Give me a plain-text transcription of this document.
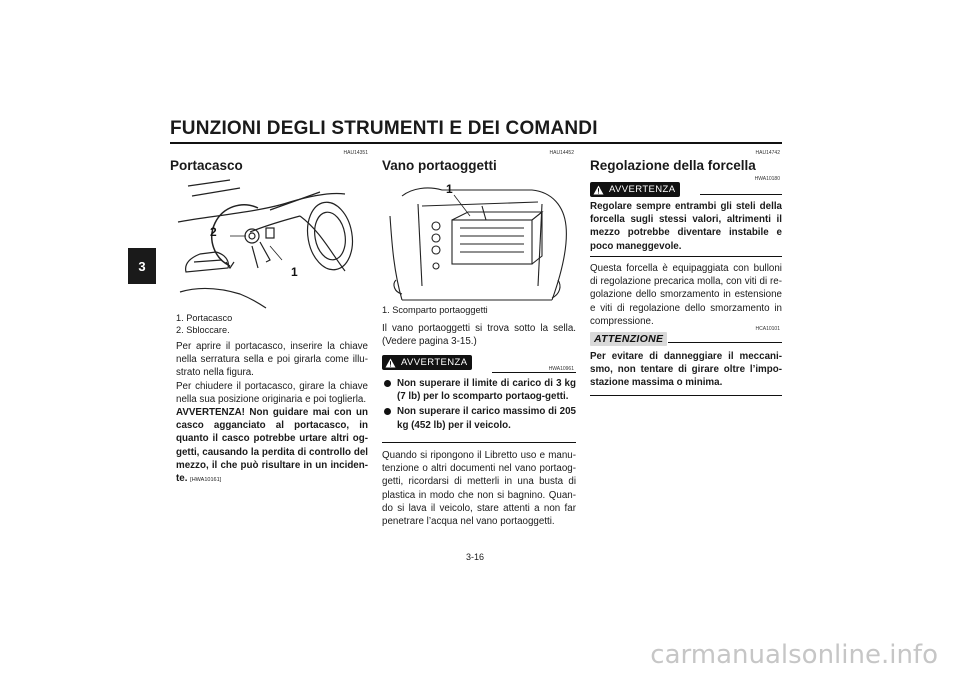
FUNZIONI DEGLI STRUMENTI E DEI COMANDI
3
HAU14351
Portacasco
2
1
1. Portacasco
2. Sbloccare.

Per aprire il portacasco, inserire la chiave nella serratura sella e poi girarla come illu-strato nella figura.

Per chiudere il portacasco, girare la chiave nella sua posizione originaria e poi toglierla.

AVVERTENZA! Non guidare mai con un casco agganciato al portacasco, in quanto il casco potrebbe urtare altri og-getti, causando la perdita di controllo del mezzo, il che può risultare in un inciden-te. [HWA10161]

HAU14452
Vano portaoggetti
1
1. Scomparto portaoggetti

Il vano portaoggetti si trova sotto la sella. (Vedere pagina 3-15.)

AVVERTENZA
HWA10961
Non superare il limite di carico di 3 kg (7 lb) per lo scomparto portaog-getti.
Non superare il carico massimo di 205 kg (452 lb) per il veicolo.

Quando si ripongono il Libretto uso e manu-tenzione o altri documenti nel vano portaog-getti, ricordarsi di metterli in una busta di plastica in modo che non si bagnino. Quan-do si lava il veicolo, stare attenti a non far penetrare l’acqua nel vano portaoggetti.

HAU14742
Regolazione della forcella
AVVERTENZA
HWA10180

Regolare sempre entrambi gli steli della forcella sugli stessi valori, altrimenti il mezzo potrebbe diventare instabile e poco maneggevole.

Questa forcella è equipaggiata con bulloni di regolazione precarica molla, con viti di re-golazione dello smorzamento in estensione e viti di regolazione dello smorzamento in compressione.

HCA10101
ATTENZIONE

Per evitare di danneggiare il meccani-smo, non tentare di girare oltre l’impo-stazione massima o minima.

3-16
carmanualsonline.info
